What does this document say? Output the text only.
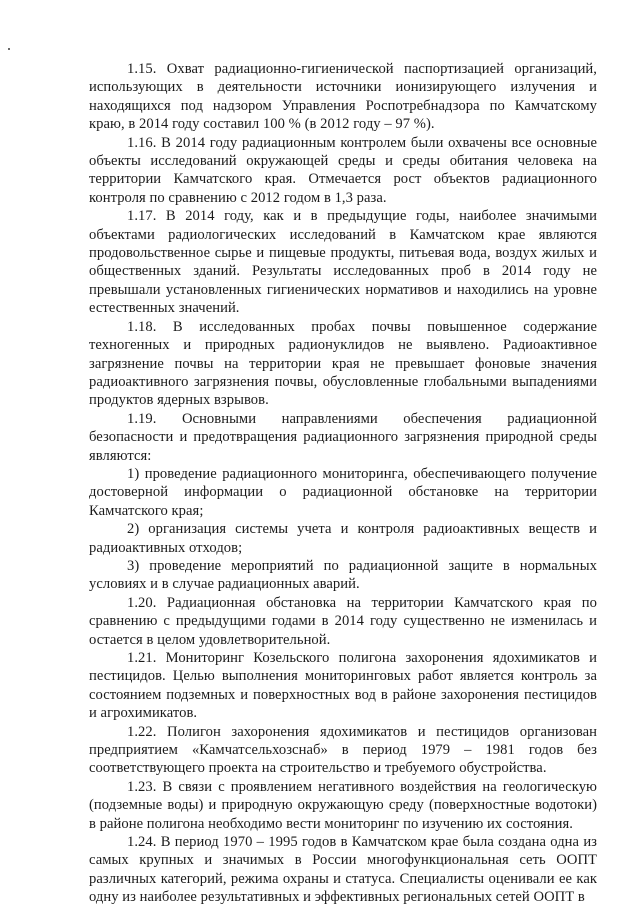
1.15. Охват радиационно-гигиенической паспортизацией организаций, использующих в деятельности источники ионизирующего излучения и находящихся под надзором Управления Роспотребнадзора по Камчатскому краю, в 2014 году составил 100 % (в 2012 году – 97 %).

1.16. В 2014 году радиационным контролем были охвачены все основные объекты исследований окружающей среды и среды обитания человека на территории Камчатского края. Отмечается рост объектов радиационного контроля по сравнению с 2012 годом в 1,3 раза.

1.17. В 2014 году, как и в предыдущие годы, наиболее значимыми объектами радиологических исследований в Камчатском крае являются продовольственное сырье и пищевые продукты, питьевая вода, воздух жилых и общественных зданий. Результаты исследованных проб в 2014 году не превышали установленных гигиенических нормативов и находились на уровне естественных значений.

1.18. В исследованных пробах почвы повышенное содержание техногенных и природных радионуклидов не выявлено. Радиоактивное загрязнение почвы на территории края не превышает фоновые значения радиоактивного загрязнения почвы, обусловленные глобальными выпадениями продуктов ядерных взрывов.

1.19. Основными направлениями обеспечения радиационной безопасности и предотвращения радиационного загрязнения природной среды являются:

1) проведение радиационного мониторинга, обеспечивающего получение достоверной информации о радиационной обстановке на территории Камчатского края;

2) организация системы учета и контроля радиоактивных веществ и радиоактивных отходов;

3) проведение мероприятий по радиационной защите в нормальных условиях и в случае радиационных аварий.

1.20. Радиационная обстановка на территории Камчатского края по сравнению с предыдущими годами в 2014 году существенно не изменилась и остается в целом удовлетворительной.

1.21. Мониторинг Козельского полигона захоронения ядохимикатов и пестицидов. Целью выполнения мониторинговых работ является контроль за состоянием подземных и поверхностных вод в районе захоронения пестицидов и агрохимикатов.

1.22. Полигон захоронения ядохимикатов и пестицидов организован предприятием «Камчатсельхозснаб» в период 1979 – 1981 годов без соответствующего проекта на строительство и требуемого обустройства.

1.23. В связи с проявлением негативного воздействия на геологическую (подземные воды) и природную окружающую среду (поверхностные водотоки) в районе полигона необходимо вести мониторинг по изучению их состояния.

1.24. В период 1970 – 1995 годов в Камчатском крае была создана одна из самых крупных и значимых в России многофункциональная сеть ООПТ различных категорий, режима охраны и статуса. Специалисты оценивали ее как одну из наиболее результативных и эффективных региональных сетей ООПТ в
